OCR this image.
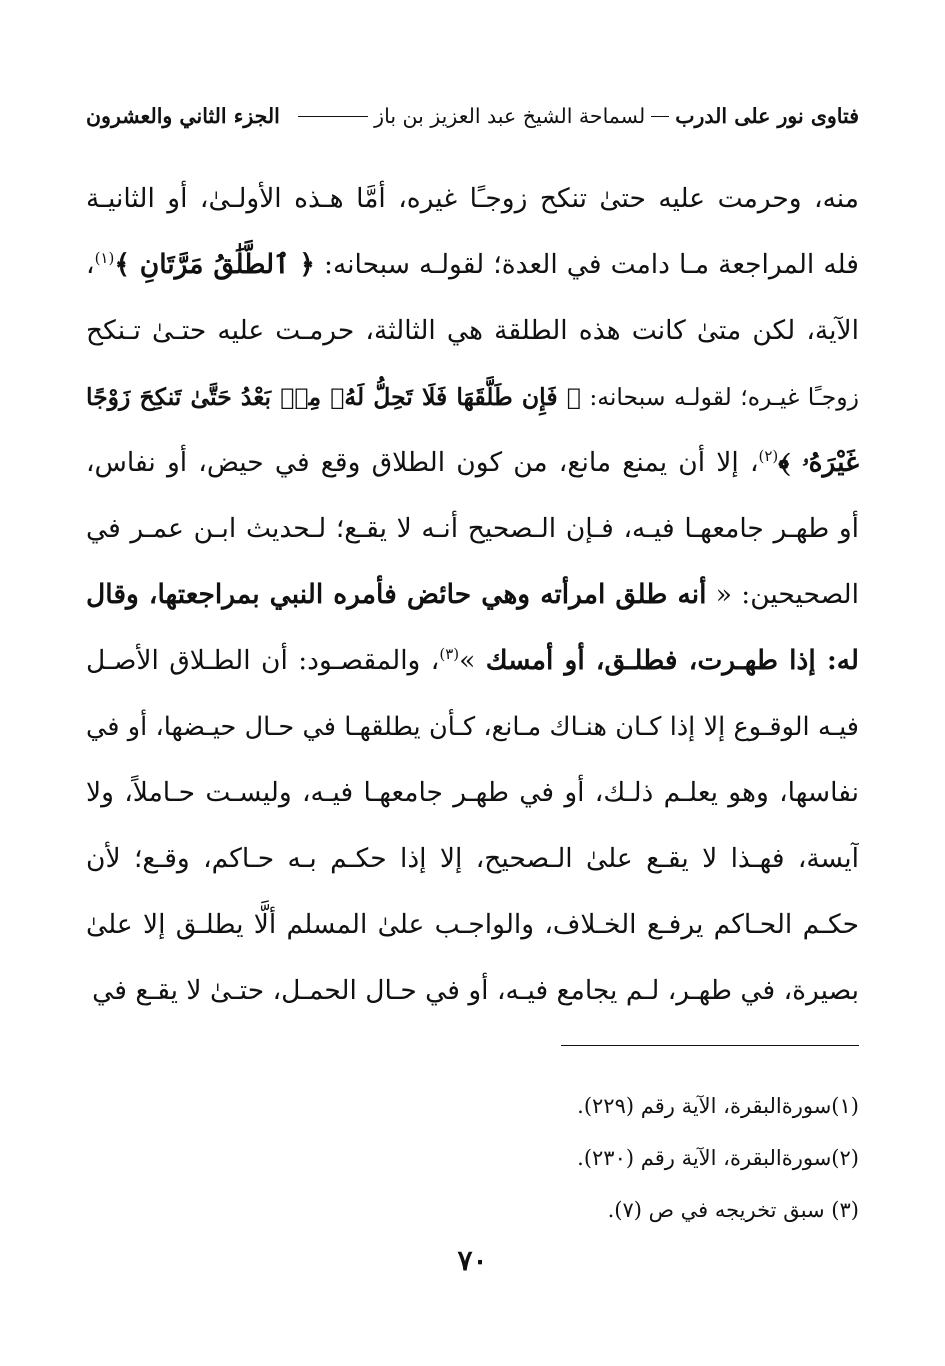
فتاوى نور على الدرب
لسماحة الشيخ عبد العزيز بن باز
الجزء الثاني والعشرون
منه، وحرمت عليه حتىٰ تنكح زوجـًا غيره، أمَّا هـذه الأولـىٰ، أو الثانيـة
فله المراجعة مـا دامت في العدة؛ لقولـه سبحانه: ﴿ ٱلطَّلَٰقُ مَرَّتَانِ ﴾$^{(١)}$،
الآية، لكن متىٰ كانت هذه الطلقة هي الثالثة، حرمـت عليه حتـىٰ تـنكح
زوجـًا غيـره؛ لقولـه سبحانه: ﴿ فَإِن طَلَّقَهَا فَلَا تَحِلُّ لَهُۥ مِنۢ بَعْدُ حَتَّىٰ تَنكِحَ زَوْجًا
غَيْرَهُۥ ﴾$^{(٢)}$، إلا أن يمنع مانع، من كون الطلاق وقع في حيض، أو نفاس،
أو طهـر جامعهـا فيـه، فـإن الـصحيح أنـه لا يقـع؛ لـحديث ابـن عمـر في
الصحيحين: « أنه طلق امرأته وهي حائض فأمره النبي بمراجعتها، وقال
له: إذا طهـرت، فطلـق، أو أمسك »$^{(٣)}$، والمقصـود: أن الطـلاق الأصـل
فيـه الوقـوع إلا إذا كـان هنـاك مـانع، كـأن يطلقهـا في حـال حيـضها، أو في
نفاسها، وهو يعلـم ذلـك، أو في طهـر جامعهـا فيـه، وليسـت حـاملاً، ولا
آيسة، فهـذا لا يقـع علىٰ الـصحيح، إلا إذا حكـم بـه حـاكم، وقـع؛ لأن
حكـم الحـاكم يرفـع الخـلاف، والواجـب علىٰ المسلم ألَّا يطلـق إلا علىٰ
بصيرة، في طهـر، لـم يجامع فيـه، أو في حـال الحمـل، حتـىٰ لا يقـع في
(١)سورةالبقرة، الآية رقم (٢٢٩).
(٢)سورةالبقرة، الآية رقم (٢٣٠).
(٣) سبق تخريجه في ص (٧).
٧٠
